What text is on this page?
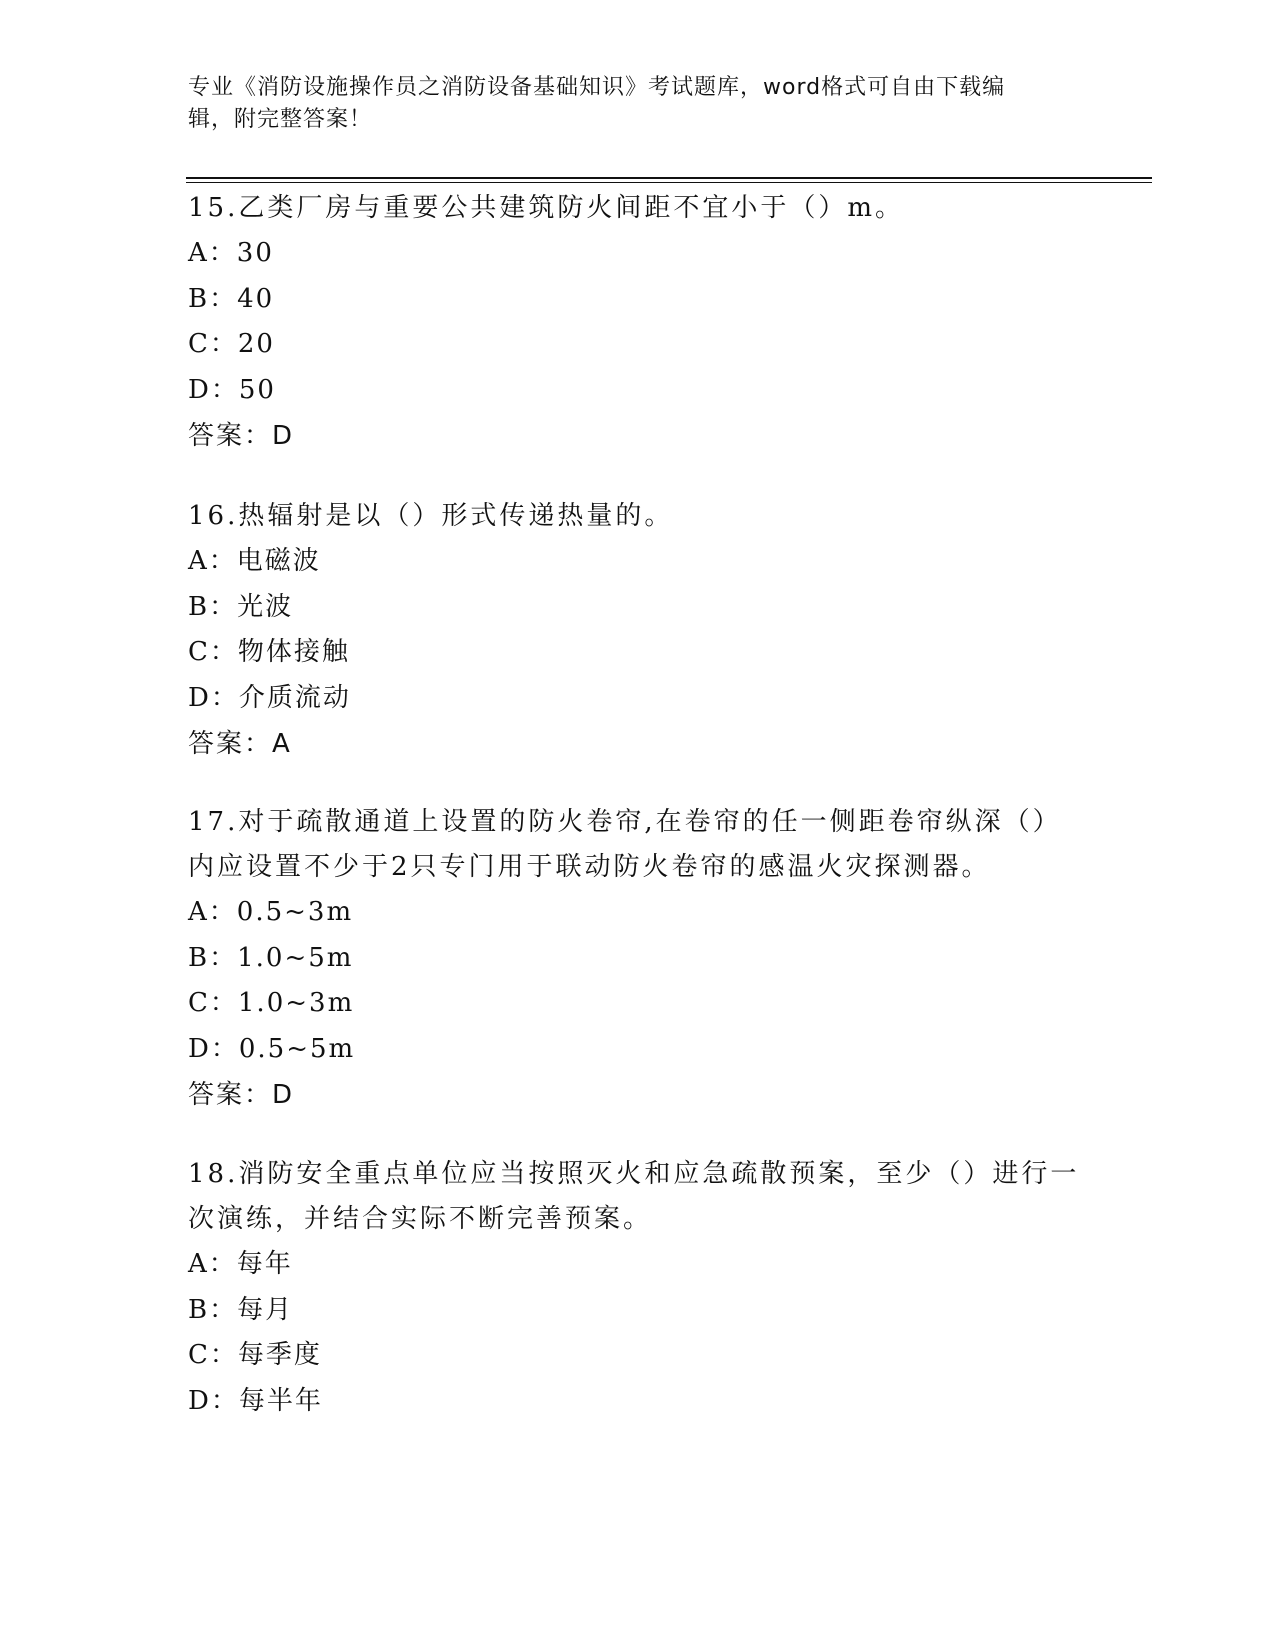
专业《消防设施操作员之消防设备基础知识》考试题库，word格式可自由下载编
辑，附完整答案！

15.乙类厂房与重要公共建筑防火间距不宜小于（）m。

A：30

B：40

C：20

D：50

答案：D

16.热辐射是以（）形式传递热量的。

A：电磁波

B：光波

C：物体接触

D：介质流动

答案：A

17.对于疏散通道上设置的防火卷帘,在卷帘的任一侧距卷帘纵深（）

内应设置不少于2只专门用于联动防火卷帘的感温火灾探测器。

A：0.5~3m

B：1.0~5m

C：1.0~3m

D：0.5~5m

答案：D

18.消防安全重点单位应当按照灭火和应急疏散预案，至少（）进行一

次演练，并结合实际不断完善预案。

A：每年

B：每月

C：每季度

D：每半年
